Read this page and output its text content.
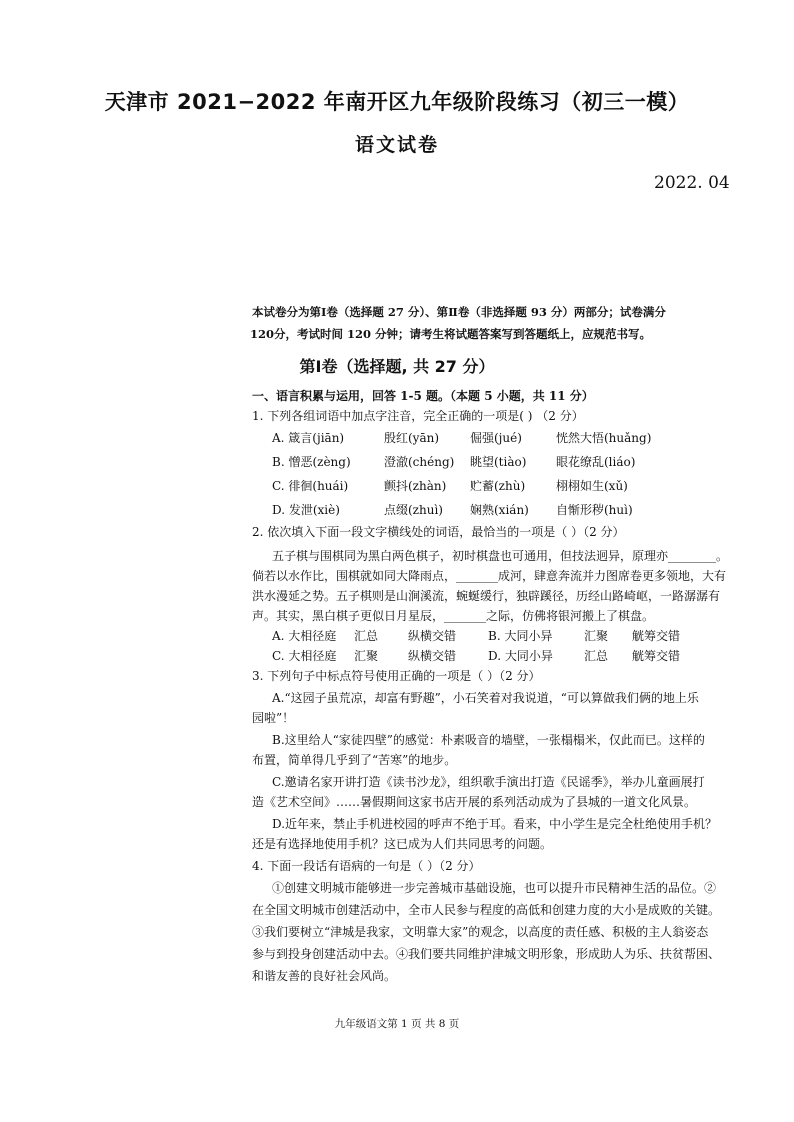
天津市 2021−2022 年南开区九年级阶段练习（初三一模）
语文试卷
2022. 04
本试卷分为第Ⅰ卷（选择题 27 分）、第Ⅱ卷（非选择题 93 分）两部分；试卷满分
120分，考试时间 120 分钟；请考生将试题答案写到答题纸上，应规范书写。
第Ⅰ卷（选择题, 共 27 分）
一、语言积累与运用，回答 1-5 题。（本题 5 小题，共 11 分）
1. 下列各组词语中加点字注音，完全正确的一项是( ) （2 分）
A. 箴言(jiān)	殷红(yān)	倔强(jué)	恍然大悟(huǎng)
B. 憎恶(zèng)	澄澈(chéng) 眺望(tiào) 眼花缭乱(liáo)
C. 徘徊(huái)	颤抖(zhàn) 贮蓄(zhù)	栩栩如生(xǔ)
D. 发泄(xiè)	点缀(zhuì) 娴熟(xián) 自惭形秽(huì)
2. 依次填入下面一段文字横线处的词语，最恰当的一项是（ ）（2 分）
五子棋与围棋同为黑白两色棋子，初时棋盘也可通用，但技法迥异，原理亦________。
倘若以水作比，围棋就如同大降雨点，_______成河，肆意奔流并力图席卷更多领地，大有
洪水漫延之势。五子棋则是山涧溪流，蜿蜒缓行，独辟蹊径，历经山路崎岖，一路潺潺有
声。其实，黑白棋子更似日月星辰，_______之际，仿佛将银河搬上了棋盘。
A. 大相径庭 汇总 纵横交错	B. 大同小异	汇聚 觥筹交错
C. 大相径庭 汇聚 纵横交错	D. 大同小异	汇总 觥筹交错
3. 下列句子中标点符号使用正确的一项是（ ）（2 分）
A.“这园子虽荒凉，却富有野趣”，小石笑着对我说道，“可以算做我们俩的地上乐
园啦”！
B.这里给人“家徒四壁”的感觉：朴素吸音的墙壁，一张榻榻米，仅此而已。这样的
布置，简单得几乎到了“苦寒”的地步。
C.邀请名家开讲打造《读书沙龙》，组织歌手演出打造《民谣季》，举办儿童画展打
造《艺术空间》……暑假期间这家书店开展的系列活动成为了县城的一道文化风景。
D.近年来，禁止手机进校园的呼声不绝于耳。看来，中小学生是完全杜绝使用手机？
还是有选择地使用手机？这已成为人们共同思考的问题。
4. 下面一段话有语病的一句是（ ）（2 分）
①创建文明城市能够进一步完善城市基础设施，也可以提升市民精神生活的品位。②
在全国文明城市创建活动中，全市人民参与程度的高低和创建力度的大小是成败的关键。
③我们要树立“津城是我家，文明靠大家”的观念，以高度的责任感、积极的主人翁姿态
参与到投身创建活动中去。④我们要共同维护津城文明形象，形成助人为乐、扶贫帮困、
和谐友善的良好社会风尚。
九年级语文第 1 页 共 8 页
